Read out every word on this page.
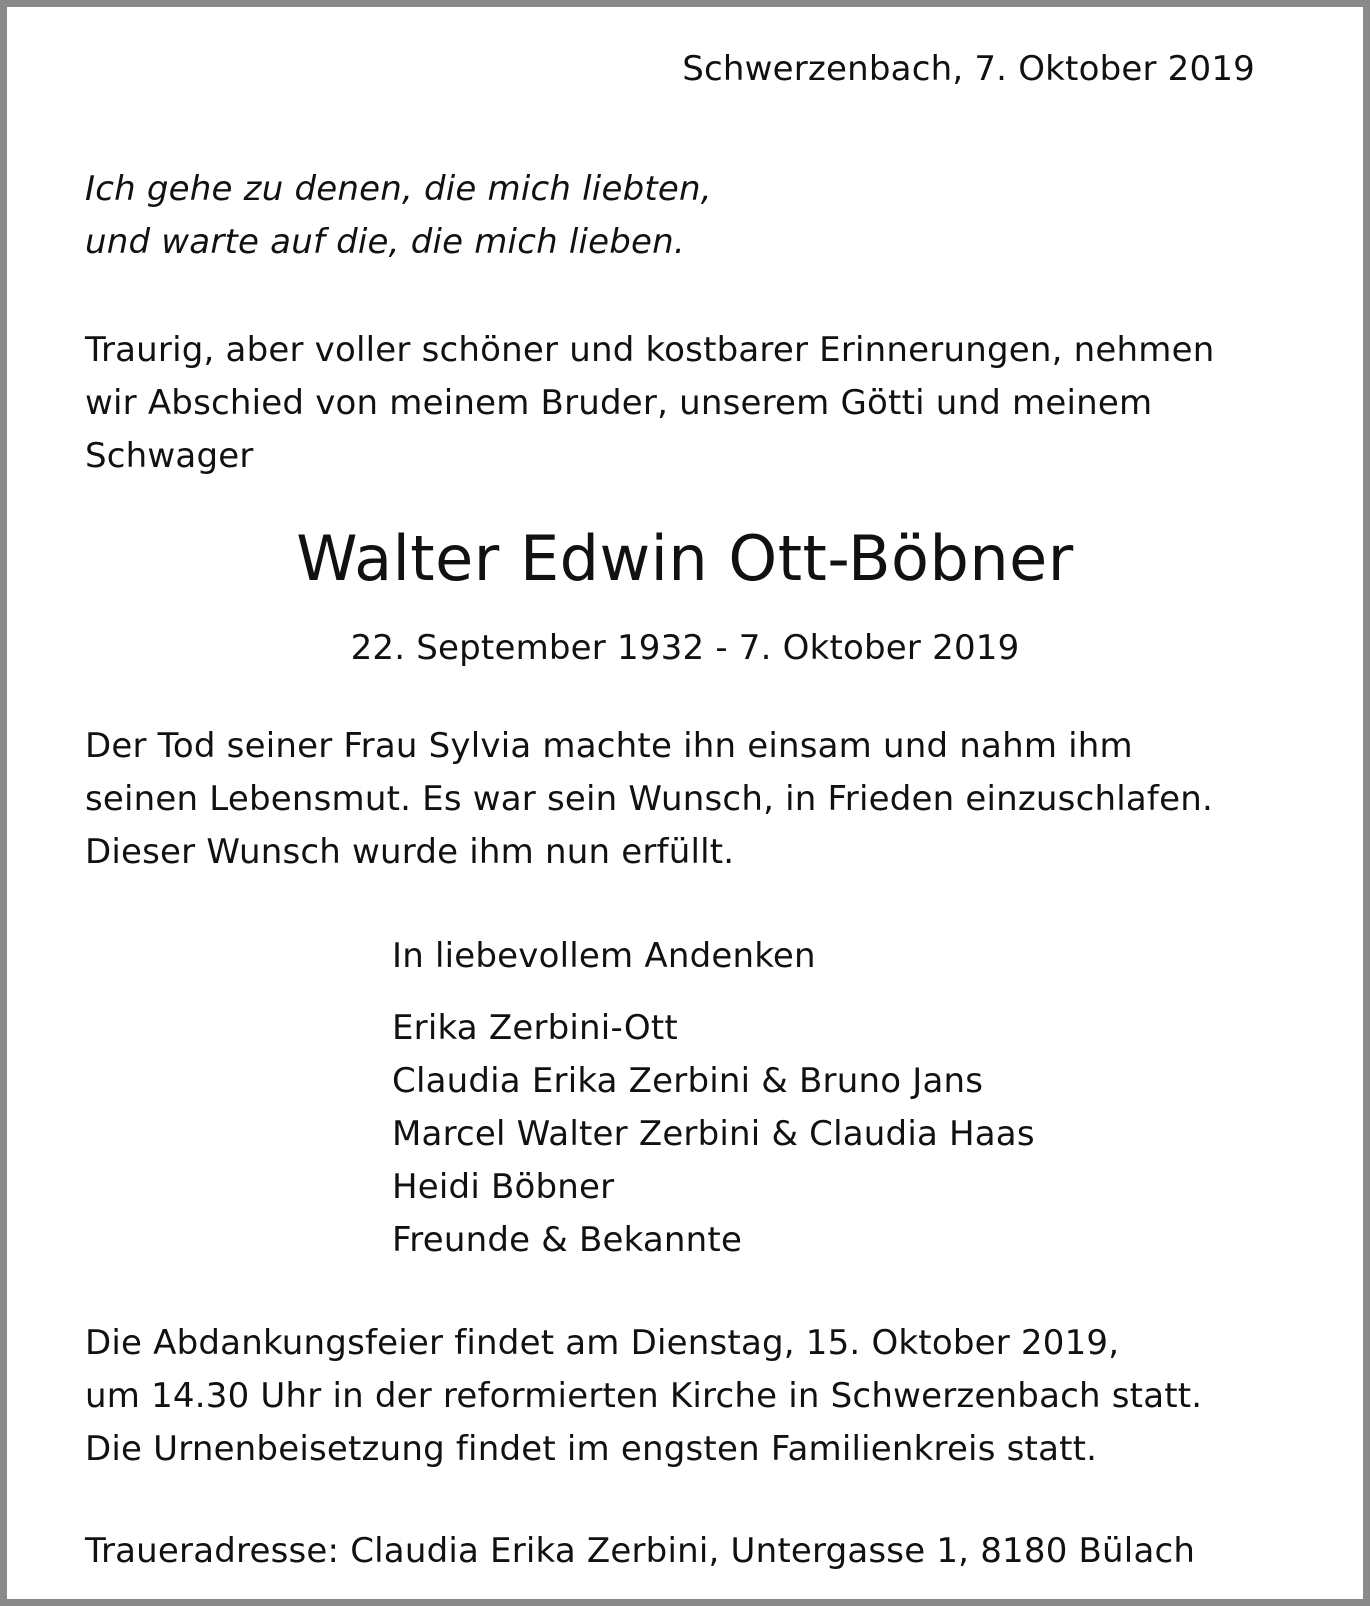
Schwerzenbach, 7. Oktober 2019
Ich gehe zu denen, die mich liebten,
und warte auf die, die mich lieben.
Traurig, aber voller schöner und kostbarer Erinnerungen, nehmen
wir Abschied von meinem Bruder, unserem Götti und meinem
Schwager
Walter Edwin Ott-Böbner
22. September 1932 - 7. Oktober 2019
Der Tod seiner Frau Sylvia machte ihn einsam und nahm ihm
seinen Lebensmut. Es war sein Wunsch, in Frieden einzuschlafen.
Dieser Wunsch wurde ihm nun erfüllt.
In liebevollem Andenken
Erika Zerbini-Ott
Claudia Erika Zerbini & Bruno Jans
Marcel Walter Zerbini & Claudia Haas
Heidi Böbner
Freunde & Bekannte
Die Abdankungsfeier findet am Dienstag, 15. Oktober 2019,
um 14.30 Uhr in der reformierten Kirche in Schwerzenbach statt.
Die Urnenbeisetzung findet im engsten Familienkreis statt.
Traueradresse: Claudia Erika Zerbini, Untergasse 1, 8180 Bülach
